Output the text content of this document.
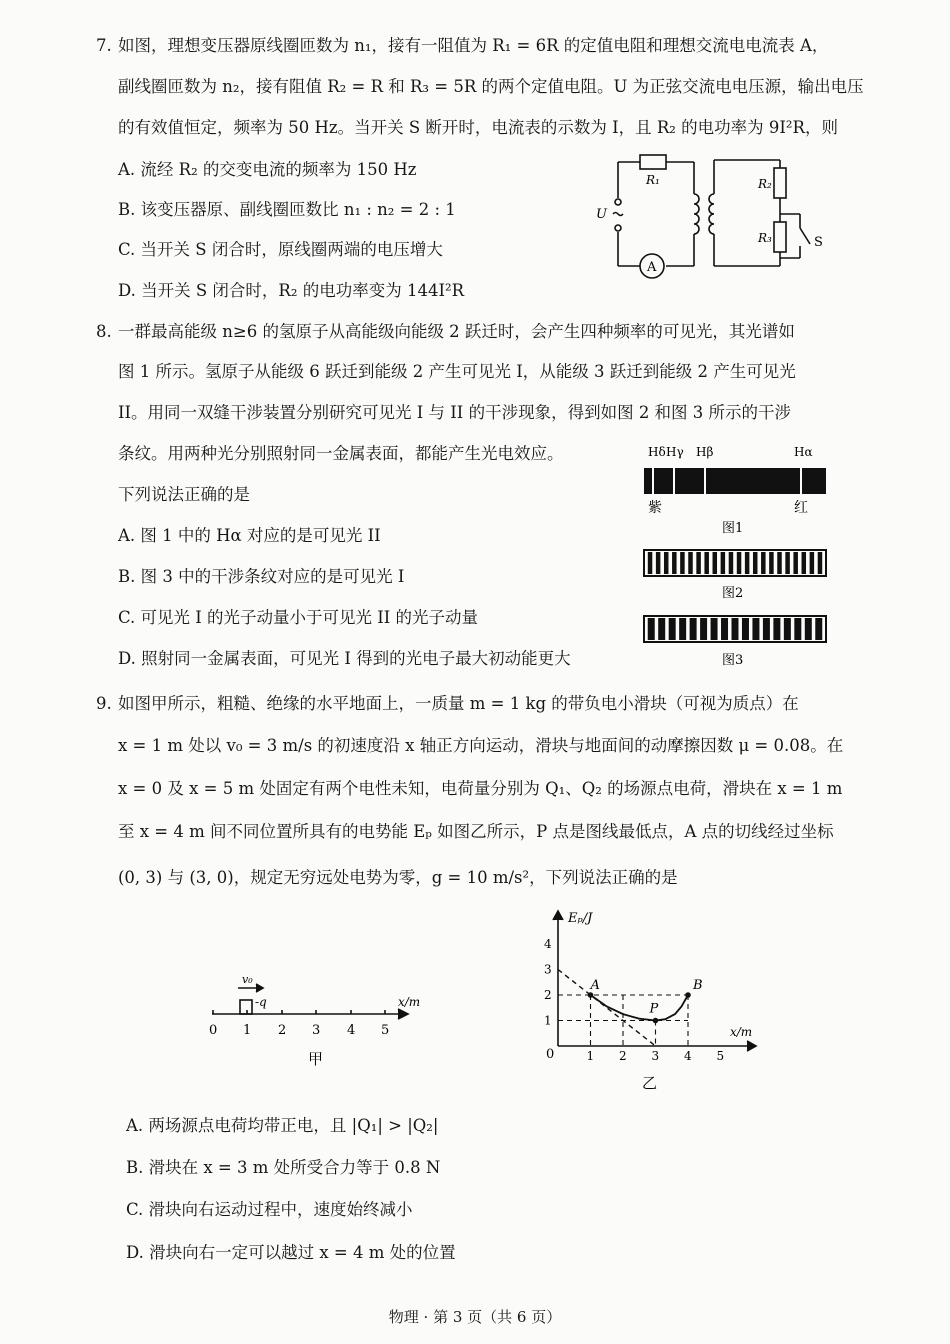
7. 如图，理想变压器原线圈匝数为 n₁，接有一阻值为 R₁ = 6R 的定值电阻和理想交流电电流表 A，
副线圈匝数为 n₂，接有阻值 R₂ = R 和 R₃ = 5R 的两个定值电阻。U 为正弦交流电电压源，输出电压
的有效值恒定，频率为 50 Hz。当开关 S 断开时，电流表的示数为 I，且 R₂ 的电功率为 9I²R，则
A. 流经 R₂ 的交变电流的频率为 150 Hz
B. 该变压器原、副线圈匝数比 n₁ : n₂ = 2 : 1
C. 当开关 S 闭合时，原线圈两端的电压增大
D. 当开关 S 闭合时，R₂ 的电功率变为 144I²R
R₁	R₂
R₃
A
U
S
8. 一群最高能级 n≥6 的氢原子从高能级向能级 2 跃迁时，会产生四种频率的可见光，其光谱如
图 1 所示。氢原子从能级 6 跃迁到能级 2 产生可见光 I，从能级 3 跃迁到能级 2 产生可见光
II。用同一双缝干涉装置分别研究可见光 I 与 II 的干涉现象，得到如图 2 和图 3 所示的干涉
条纹。用两种光分别照射同一金属表面，都能产生光电效应。
下列说法正确的是
A. 图 1 中的 Hα 对应的是可见光 II
B. 图 3 中的干涉条纹对应的是可见光 I
C. 可见光 I 的光子动量小于可见光 II 的光子动量
D. 照射同一金属表面，可见光 I 得到的光电子最大初动能更大
Hδ Hγ Hβ	Hα
紫	红
图1
图2
图3
9. 如图甲所示，粗糙、绝缘的水平地面上，一质量 m = 1 kg 的带负电小滑块（可视为质点）在
x = 1 m 处以 v₀ = 3 m/s 的初速度沿 x 轴正方向运动，滑块与地面间的动摩擦因数 μ = 0.08。在
x = 0 及 x = 5 m 处固定有两个电性未知，电荷量分别为 Q₁、Q₂ 的场源点电荷，滑块在 x = 1 m
至 x = 4 m 间不同位置所具有的电势能 Eₚ 如图乙所示，P 点是图线最低点，A 点的切线经过坐标
(0, 3) 与 (3, 0)，规定无穷远处电势为零，g = 10 m/s²，下列说法正确的是
v₀
-q	x/m
0 1 2 3 4 5
甲	1 2 3 4 5
1
2
3
4
A
P
B
Eₚ/J
x/m
0
乙
A. 两场源点电荷均带正电，且 |Q₁| > |Q₂|
B. 滑块在 x = 3 m 处所受合力等于 0.8 N
C. 滑块向右运动过程中，速度始终减小
D. 滑块向右一定可以越过 x = 4 m 处的位置
物理 · 第 3 页（共 6 页）
